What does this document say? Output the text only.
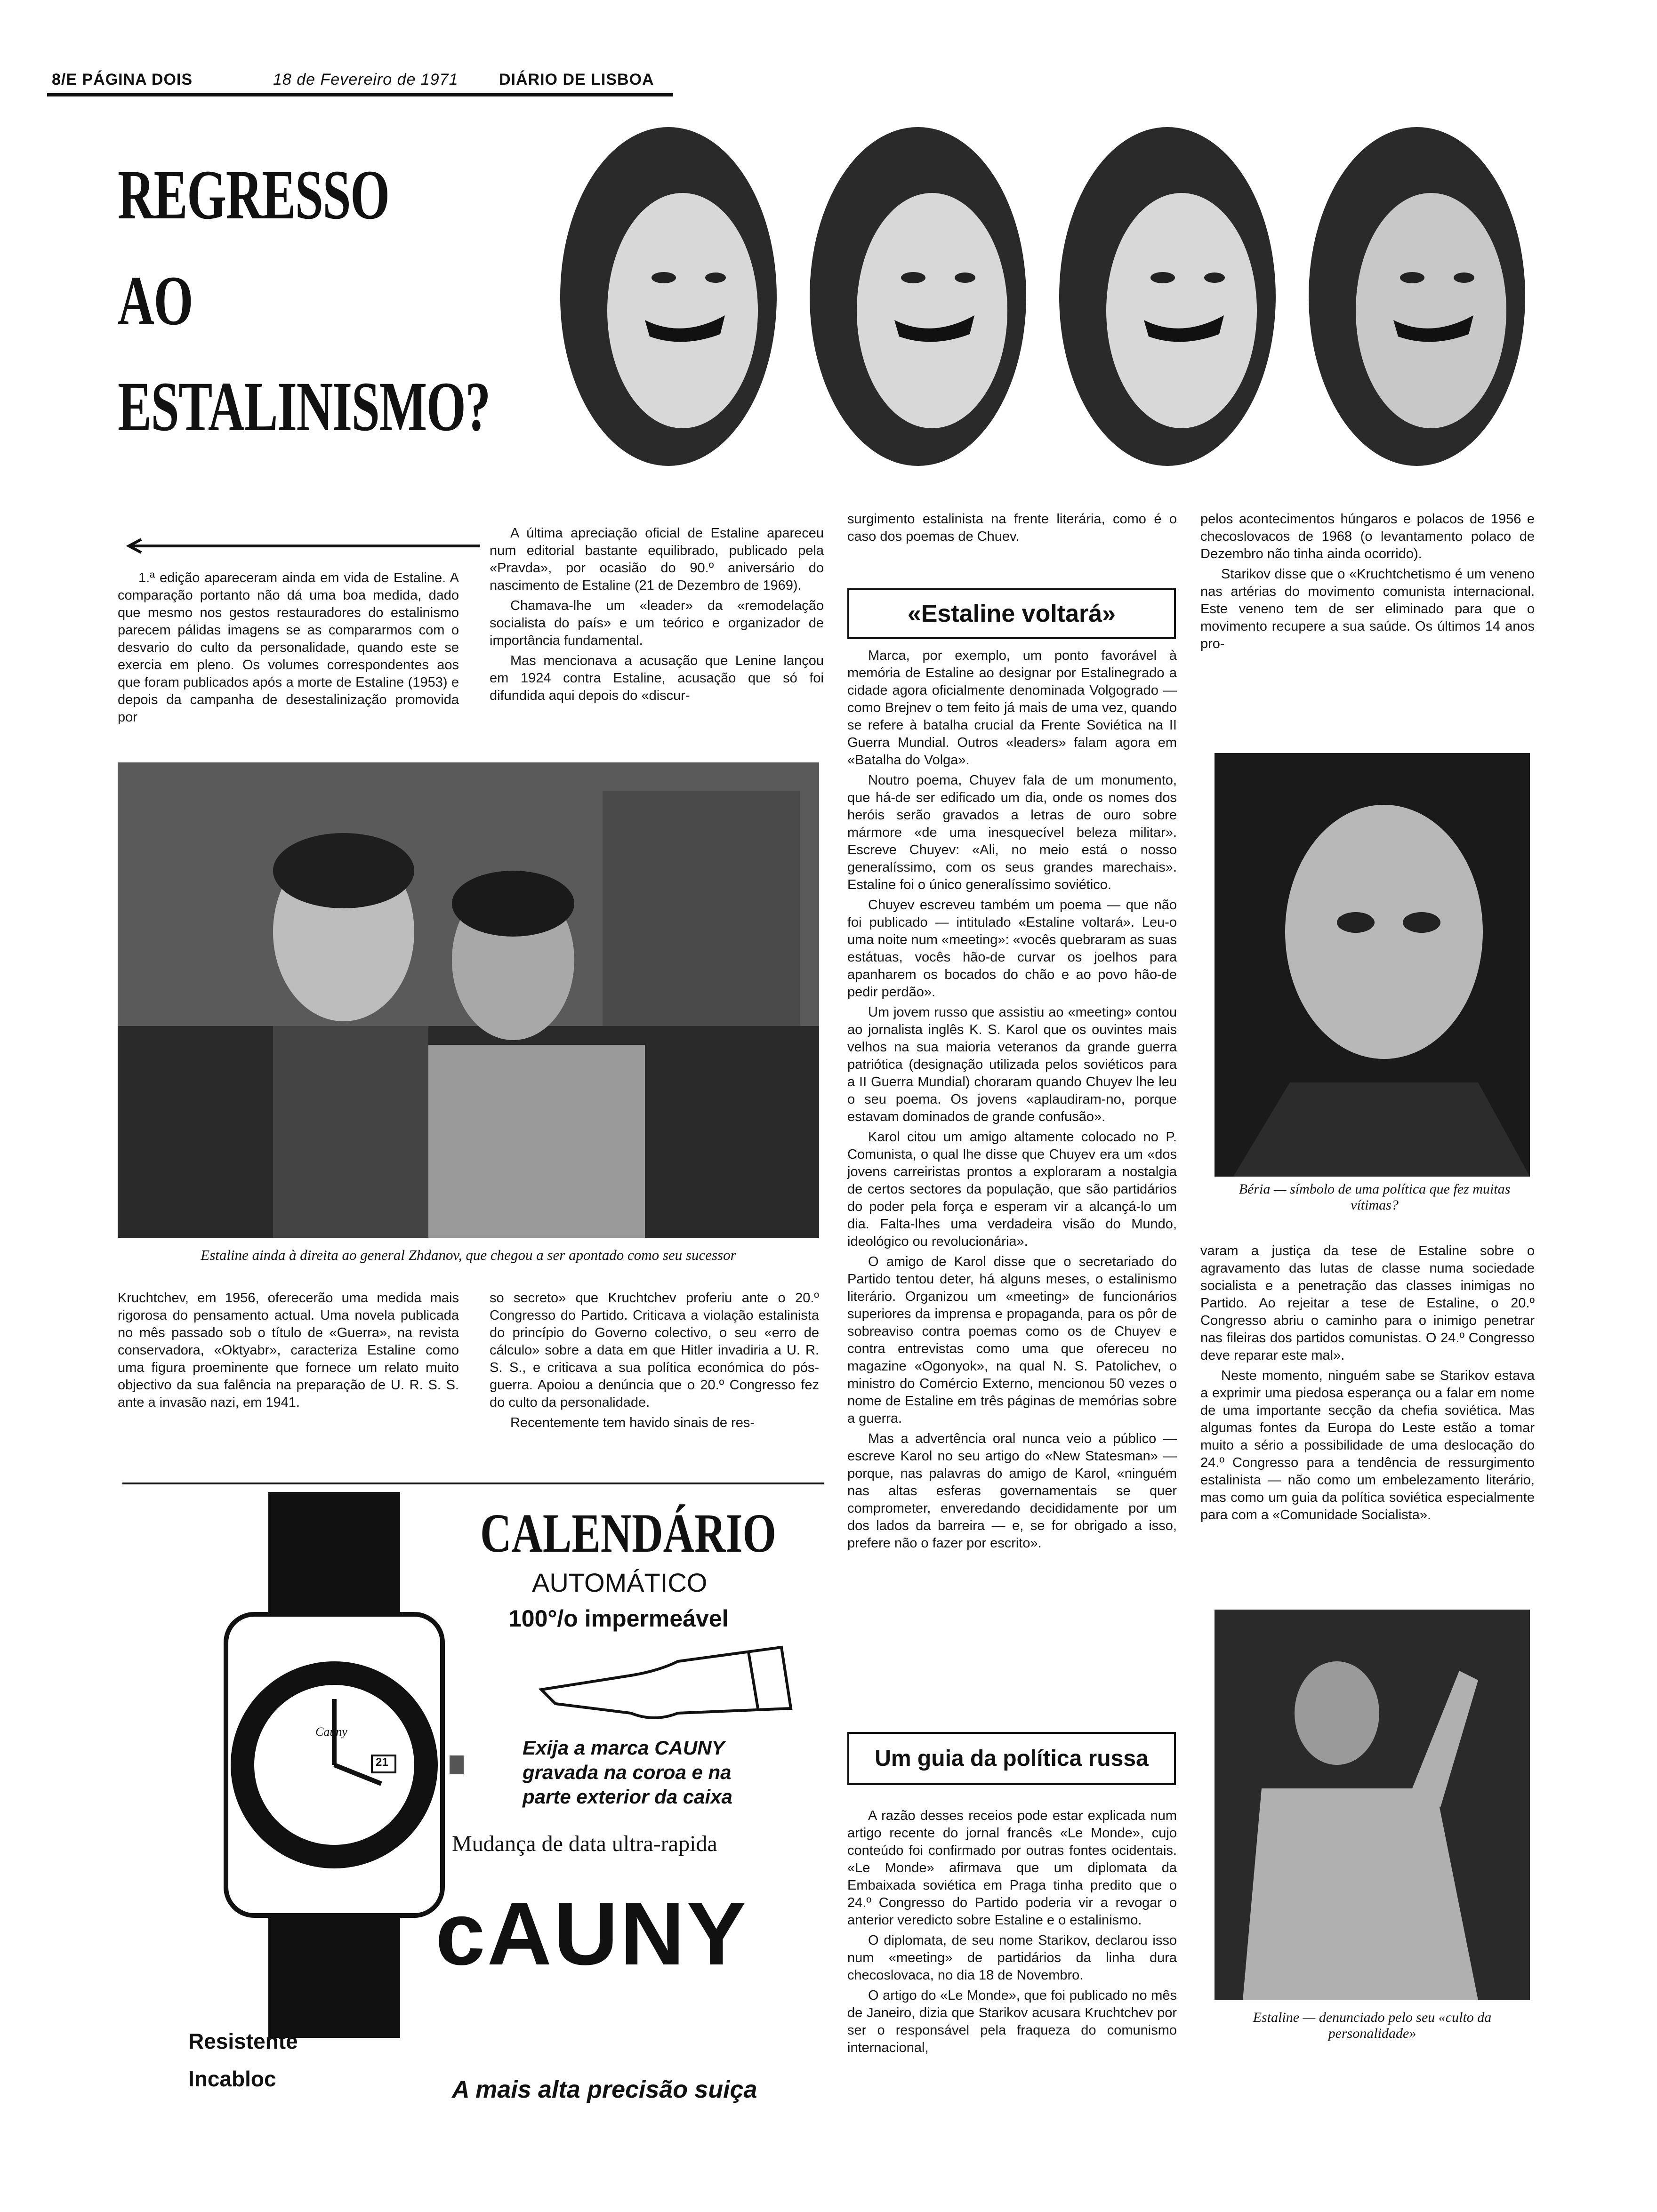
8/E PÁGINA DOIS	18 de Fevereiro de 1971	DIÁRIO DE LISBOA
REGRESSO
AO
ESTALINISMO?

1.ª edição apareceram ainda em vida de Estaline. A comparação portanto não dá uma boa medida, dado que mesmo nos gestos restauradores do estalinismo parecem pálidas imagens se as compararmos com o desvario do culto da personalidade, quando este se exercia em pleno. Os volumes correspondentes aos que foram publicados após a morte de Estaline (1953) e depois da campanha de desestalinização promovida por

A última apreciação oficial de Estaline apareceu num editorial bastante equilibrado, publicado pela «Pravda», por ocasião do 90.º aniversário do nascimento de Estaline (21 de Dezembro de 1969).

Chamava-lhe um «leader» da «remodelação socialista do país» e um teórico e organizador de importância fundamental.

Mas mencionava a acusação que Lenine lançou em 1924 contra Estaline, acusação que só foi difundida aqui depois do «discur-

surgimento estalinista na frente literária, como é o caso dos poemas de Chuev.

pelos acontecimentos húngaros e polacos de 1956 e checoslovacos de 1968 (o levantamento polaco de Dezembro não tinha ainda ocorrido).

Starikov disse que o «Kruchtchetismo é um veneno nas artérias do movimento comunista internacional. Este veneno tem de ser eliminado para que o movimento recupere a sua saúde. Os últimos 14 anos pro-

«Estaline voltará»

Marca, por exemplo, um ponto favorável à memória de Estaline ao designar por Estalinegrado a cidade agora oficialmente denominada Volgogrado — como Brejnev o tem feito já mais de uma vez, quando se refere à batalha crucial da Frente Soviética na II Guerra Mundial. Outros «leaders» falam agora em «Batalha do Volga».

Noutro poema, Chuyev fala de um monumento, que há-de ser edificado um dia, onde os nomes dos heróis serão gravados a letras de ouro sobre mármore «de uma inesquecível beleza militar». Escreve Chuyev: «Ali, no meio está o nosso generalíssimo, com os seus grandes marechais». Estaline foi o único generalíssimo soviético.

Chuyev escreveu também um poema — que não foi publicado — intitulado «Estaline voltará». Leu-o uma noite num «meeting»: «vocês quebraram as suas estátuas, vocês hão-de curvar os joelhos para apanharem os bocados do chão e ao povo hão-de pedir perdão».

Um jovem russo que assistiu ao «meeting» contou ao jornalista inglês K. S. Karol que os ouvintes mais velhos na sua maioria veteranos da grande guerra patriótica (designação utilizada pelos soviéticos para a II Guerra Mundial) choraram quando Chuyev lhe leu o seu poema. Os jovens «aplaudiram-no, porque estavam dominados de grande confusão».

Karol citou um amigo altamente colocado no P. Comunista, o qual lhe disse que Chuyev era um «dos jovens carreiristas prontos a exploraram a nostalgia de certos sectores da população, que são partidários do poder pela força e esperam vir a alcançá-lo um dia. Falta-lhes uma verdadeira visão do Mundo, ideológico ou revolucionária».

O amigo de Karol disse que o secretariado do Partido tentou deter, há alguns meses, o estalinismo literário. Organizou um «meeting» de funcionários superiores da imprensa e propaganda, para os pôr de sobreaviso contra poemas como os de Chuyev e contra entrevistas como uma que ofereceu no magazine «Ogonyok», na qual N. S. Patolichev, o ministro do Comércio Externo, mencionou 50 vezes o nome de Estaline em três páginas de memórias sobre a guerra.

Mas a advertência oral nunca veio a público — escreve Karol no seu artigo do «New Statesman» — porque, nas palavras do amigo de Karol, «ninguém nas altas esferas governamentais se quer comprometer, enveredando decididamente por um dos lados da barreira — e, se for obrigado a isso, prefere não o fazer por escrito».

Um guia da política russa

A razão desses receios pode estar explicada num artigo recente do jornal francês «Le Monde», cujo conteúdo foi confirmado por outras fontes ocidentais. «Le Monde» afirmava que um diplomata da Embaixada soviética em Praga tinha predito que o 24.º Congresso do Partido poderia vir a revogar o anterior veredicto sobre Estaline e o estalinismo.

O diplomata, de seu nome Starikov, declarou isso num «meeting» de partidários da linha dura checoslovaca, no dia 18 de Novembro.

O artigo do «Le Monde», que foi publicado no mês de Janeiro, dizia que Starikov acusara Kruchtchev por ser o responsável pela fraqueza do comunismo internacional,

Estaline ainda à direita ao general Zhdanov, que chegou a ser apontado como seu sucessor

Kruchtchev, em 1956, oferecerão uma medida mais rigorosa do pensamento actual. Uma novela publicada no mês passado sob o título de «Guerra», na revista conservadora, «Oktyabr», caracteriza Estaline como uma figura proeminente que fornece um relato muito objectivo da sua falência na preparação de U. R. S. S. ante a invasão nazi, em 1941.

so secreto» que Kruchtchev proferiu ante o 20.º Congresso do Partido. Criticava a violação estalinista do princípio do Governo colectivo, o seu «erro de cálculo» sobre a data em que Hitler invadiria a U. R. S. S., e criticava a sua política económica do pós-guerra. Apoiou a denúncia que o 20.º Congresso fez do culto da personalidade.

Recentemente tem havido sinais de res-

Béria — símbolo de uma política que fez muitas vítimas?

varam a justiça da tese de Estaline sobre o agravamento das lutas de classe numa sociedade socialista e a penetração das classes inimigas no Partido. Ao rejeitar a tese de Estaline, o 20.º Congresso abriu o caminho para o inimigo penetrar nas fileiras dos partidos comunistas. O 24.º Congresso deve reparar este mal».

Neste momento, ninguém sabe se Starikov estava a exprimir uma piedosa esperança ou a falar em nome de uma importante secção da chefia soviética. Mas algumas fontes da Europa do Leste estão a tomar muito a sério a possibilidade de uma deslocação do 24.º Congresso para a tendência de ressurgimento estalinista — não como um embelezamento literário, mas como um guia da política soviética especialmente para com a «Comunidade Socialista».

Estaline — denunciado pelo seu «culto da personalidade»
Cauny
21
CALENDÁRIO
AUTOMÁTICO
100°/o impermeável
Exija a marca CAUNY
gravada na coroa e na
parte exterior da caixa
Mudança de data ultra-rapida
cAUNY
Resistente
Incabloc	A mais alta precisão suiça
